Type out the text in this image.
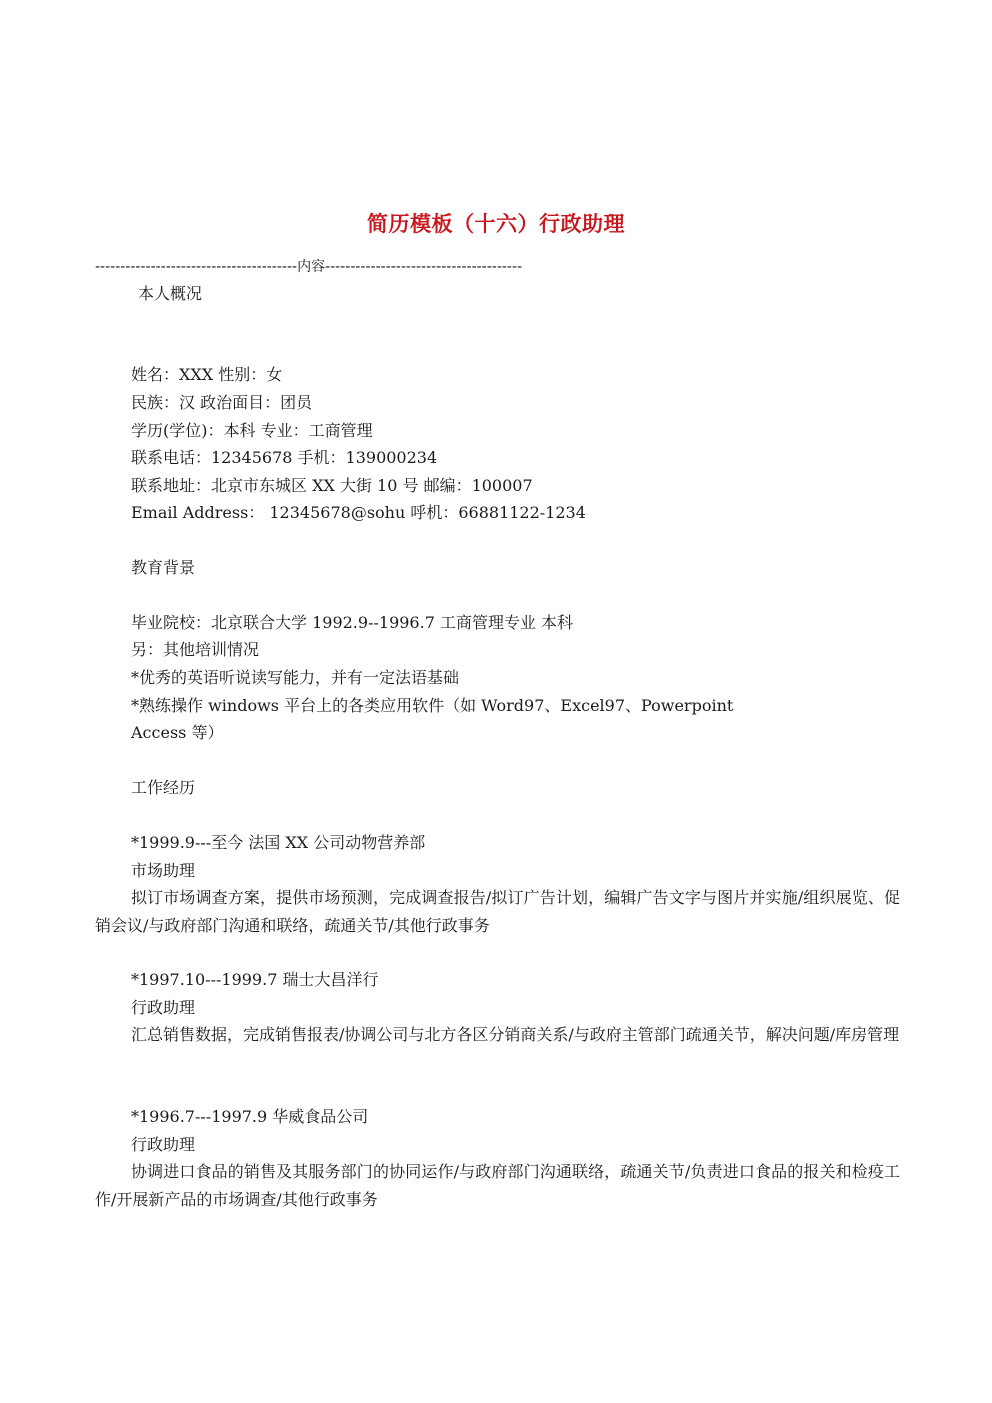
简历模板（十六）行政助理
----------------------------------------内容---------------------------------------
本人概况
姓名：XXX 性别：女
民族：汉 政治面目：团员
学历(学位)：本科 专业：工商管理
联系电话：12345678 手机：139000234
联系地址：北京市东城区 XX 大街 10 号 邮编：100007
Email Address： 12345678@sohu 呼机：66881122-1234
教育背景
毕业院校：北京联合大学 1992.9--1996.7 工商管理专业 本科
另：其他培训情况
*优秀的英语听说读写能力，并有一定法语基础
*熟练操作 windows 平台上的各类应用软件（如 Word97、Excel97、Powerpoint
Access 等）
工作经历
*1999.9---至今 法国 XX 公司动物营养部
市场助理
拟订市场调查方案，提供市场预测，完成调查报告/拟订广告计划，编辑广告文字与图片并实施/组织展览、促销会议/与政府部门沟通和联络，疏通关节/其他行政事务
*1997.10---1999.7 瑞士大昌洋行
行政助理
汇总销售数据，完成销售报表/协调公司与北方各区分销商关系/与政府主管部门疏通关节，解决问题/库房管理
*1996.7---1997.9 华威食品公司
行政助理
协调进口食品的销售及其服务部门的协同运作/与政府部门沟通联络，疏通关节/负责进口食品的报关和检疫工作/开展新产品的市场调查/其他行政事务
